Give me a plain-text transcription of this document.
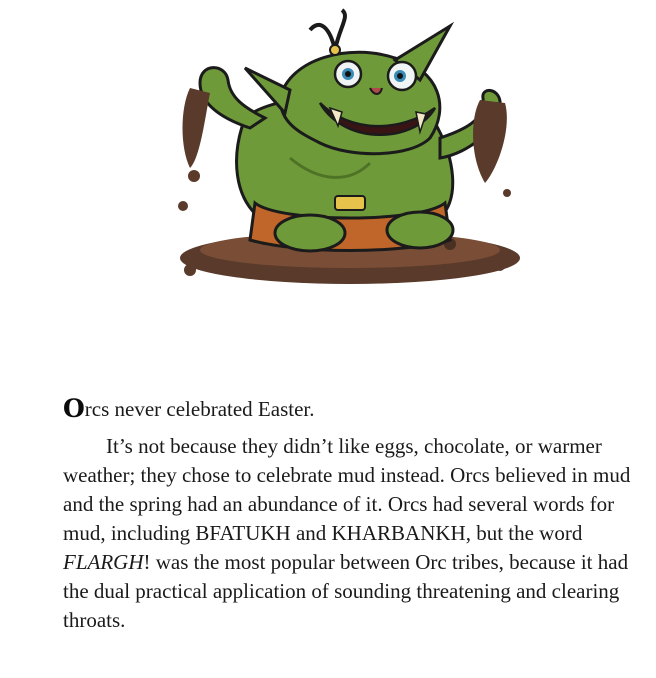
Orcs never celebrated Easter.

It’s not because they didn’t like eggs, chocolate, or warmer weather; they chose to celebrate mud instead. Orcs believed in mud and the spring had an abundance of it. Orcs had several words for mud, including BFATUKH and KHARBANKH, but the word FLARGH! was the most popular between Orc tribes, because it had the dual practical application of sounding threatening and clearing throats.
